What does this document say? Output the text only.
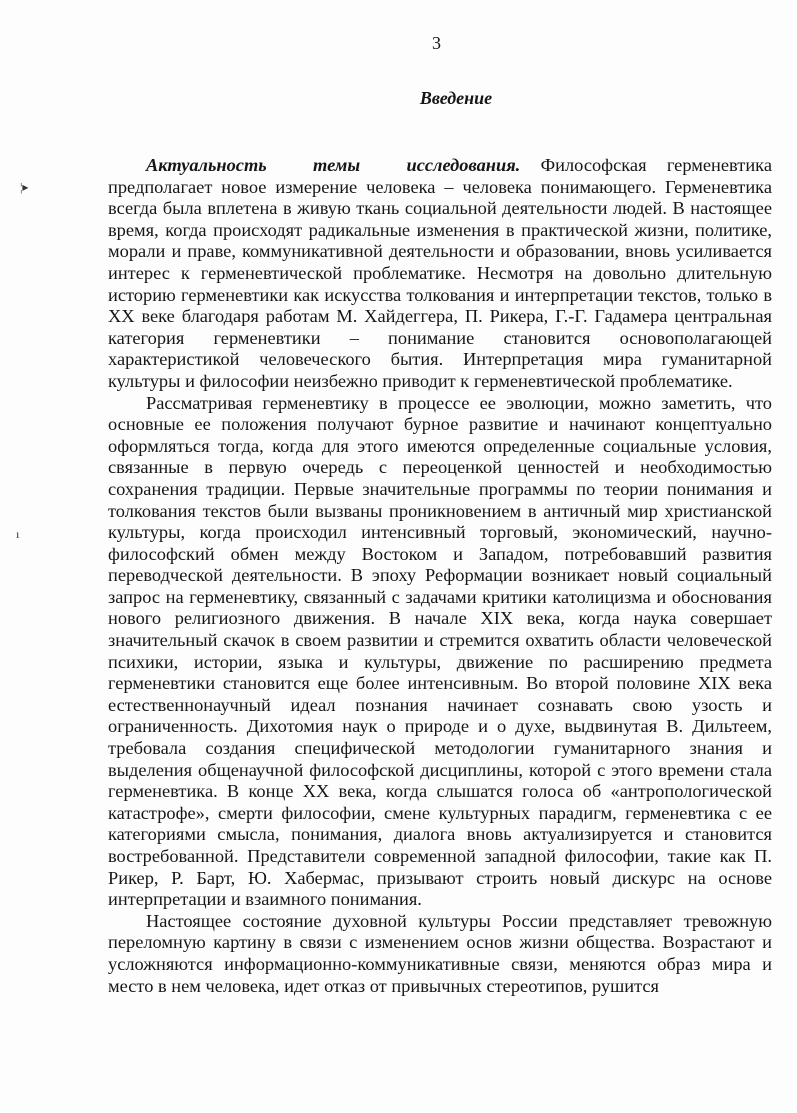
3
Введение
¦▸
ı

Актуальность темы исследования. Философская герменевтика предполагает новое измерение человека – человека понимающего. Герменевтика всегда была вплетена в живую ткань социальной деятельности людей. В настоящее время, когда происходят радикальные изменения в практической жизни, политике, морали и праве, коммуникативной деятельности и образовании, вновь усиливается интерес к герменевтической проблематике. Несмотря на довольно длительную историю герменевтики как искусства толкования и интерпретации текстов, только в XX веке благодаря работам М. Хайдеггера, П. Рикера, Г.-Г. Гадамера центральная категория герменевтики – понимание становится основополагающей характеристикой человеческого бытия. Интерпретация мира гуманитарной культуры и философии неизбежно приводит к герменевтической проблематике.

Рассматривая герменевтику в процессе ее эволюции, можно заметить, что основные ее положения получают бурное развитие и начинают концептуально оформляться тогда, когда для этого имеются определенные социальные условия, связанные в первую очередь с переоценкой ценностей и необходимостью сохранения традиции. Первые значительные программы по теории понимания и толкования текстов были вызваны проникновением в античный мир христианской культуры, когда происходил интенсивный торговый, экономический, научно-философский обмен между Востоком и Западом, потребовавший развития переводческой деятельности. В эпоху Реформации возникает новый социальный запрос на герменевтику, связанный с задачами критики католицизма и обоснования нового религиозного движения. В начале XIX века, когда наука совершает значительный скачок в своем развитии и стремится охватить области человеческой психики, истории, языка и культуры, движение по расширению предмета герменевтики становится еще более интенсивным. Во второй половине XIX века естественнонаучный идеал познания начинает сознавать свою узость и ограниченность. Дихотомия наук о природе и о духе, выдвинутая В. Дильтеем, требовала создания специфической методологии гуманитарного знания и выделения общенаучной философской дисциплины, которой с этого времени стала герменевтика. В конце XX века, когда слышатся голоса об «антропологической катастрофе», смерти философии, смене культурных парадигм, герменевтика с ее категориями смысла, понимания, диалога вновь актуализируется и становится востребованной. Представители современной западной философии, такие как П. Рикер, Р. Барт, Ю. Хабермас, призывают строить новый дискурс на основе интерпретации и взаимного понимания.

Настоящее состояние духовной культуры России представляет тревожную переломную картину в связи с изменением основ жизни общества. Возрастают и усложняются информационно-коммуникативные связи, меняются образ мира и место в нем человека, идет отказ от привычных стереотипов, рушится
